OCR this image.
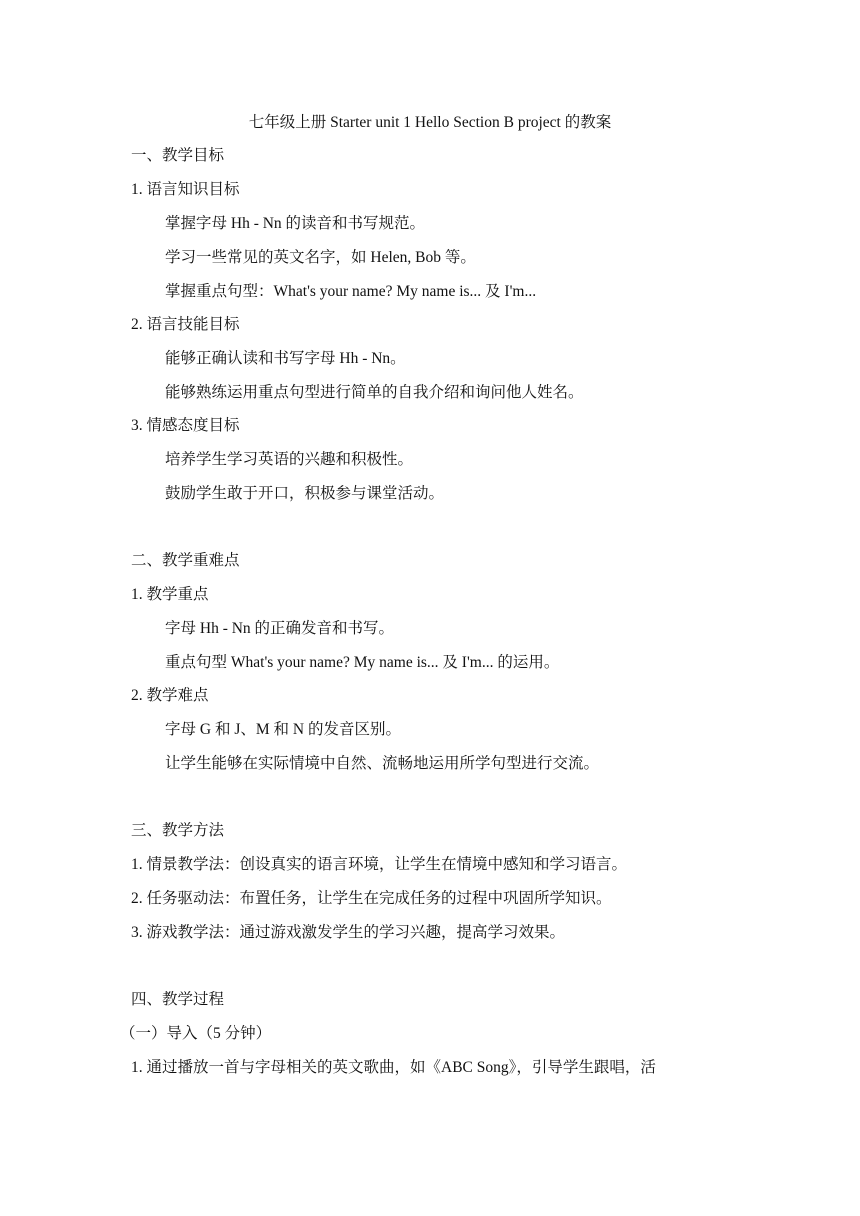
七年级上册 Starter unit 1 Hello Section B project 的教案
一、教学目标
1. 语言知识目标
掌握字母 Hh - Nn 的读音和书写规范。
学习一些常见的英文名字，如 Helen, Bob 等。
掌握重点句型：What's your name? My name is... 及 I'm...
2. 语言技能目标
能够正确认读和书写字母 Hh - Nn。
能够熟练运用重点句型进行简单的自我介绍和询问他人姓名。
3. 情感态度目标
培养学生学习英语的兴趣和积极性。
鼓励学生敢于开口，积极参与课堂活动。
二、教学重难点
1. 教学重点
字母 Hh - Nn 的正确发音和书写。
重点句型 What's your name? My name is... 及 I'm... 的运用。
2. 教学难点
字母 G 和 J、M 和 N 的发音区别。
让学生能够在实际情境中自然、流畅地运用所学句型进行交流。
三、教学方法
1. 情景教学法：创设真实的语言环境，让学生在情境中感知和学习语言。
2. 任务驱动法：布置任务，让学生在完成任务的过程中巩固所学知识。
3. 游戏教学法：通过游戏激发学生的学习兴趣，提高学习效果。
四、教学过程
（一）导入（5 分钟）
1. 通过播放一首与字母相关的英文歌曲，如《ABC Song》，引导学生跟唱，活
